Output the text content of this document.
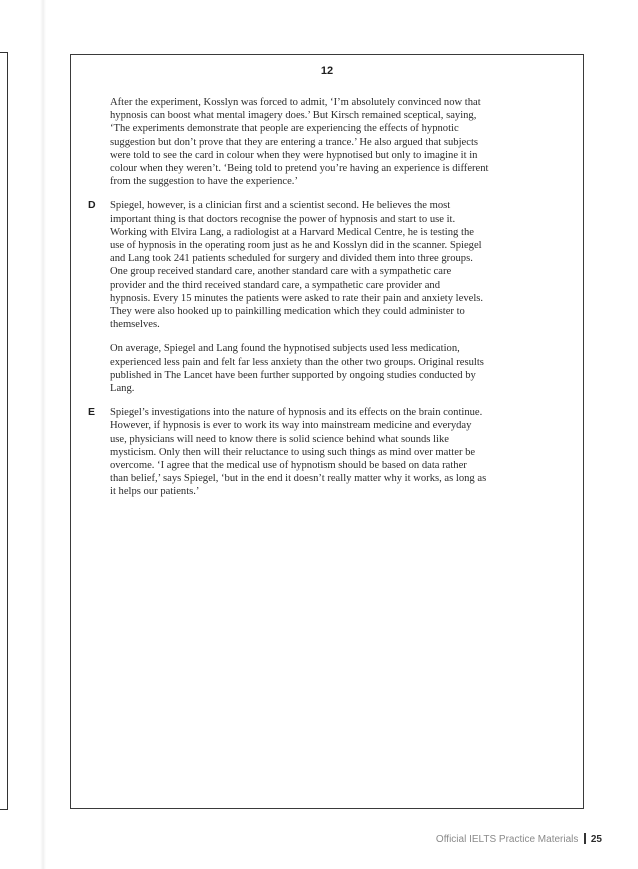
12
After the experiment, Kosslyn was forced to admit, ‘I’m absolutely convinced now that
hypnosis can boost what mental imagery does.’ But Kirsch remained sceptical, saying,
‘The experiments demonstrate that people are experiencing the effects of hypnotic
suggestion but don’t prove that they are entering a trance.’ He also argued that subjects
were told to see the card in colour when they were hypnotised but only to imagine it in
colour when they weren’t. ‘Being told to pretend you’re having an experience is different
from the suggestion to have the experience.’
D Spiegel, however, is a clinician first and a scientist second. He believes the most
important thing is that doctors recognise the power of hypnosis and start to use it.
Working with Elvira Lang, a radiologist at a Harvard Medical Centre, he is testing the
use of hypnosis in the operating room just as he and Kosslyn did in the scanner. Spiegel
and Lang took 241 patients scheduled for surgery and divided them into three groups.
One group received standard care, another standard care with a sympathetic care
provider and the third received standard care, a sympathetic care provider and
hypnosis. Every 15 minutes the patients were asked to rate their pain and anxiety levels.
They were also hooked up to painkilling medication which they could administer to
themselves.
On average, Spiegel and Lang found the hypnotised subjects used less medication,
experienced less pain and felt far less anxiety than the other two groups. Original results
published in The Lancet have been further supported by ongoing studies conducted by
Lang.
E Spiegel’s investigations into the nature of hypnosis and its effects on the brain continue.
However, if hypnosis is ever to work its way into mainstream medicine and everyday
use, physicians will need to know there is solid science behind what sounds like
mysticism. Only then will their reluctance to using such things as mind over matter be
overcome. ‘I agree that the medical use of hypnotism should be based on data rather
than belief,’ says Spiegel, ‘but in the end it doesn’t really matter why it works, as long as
it helps our patients.’
Official IELTS Practice Materials 25
